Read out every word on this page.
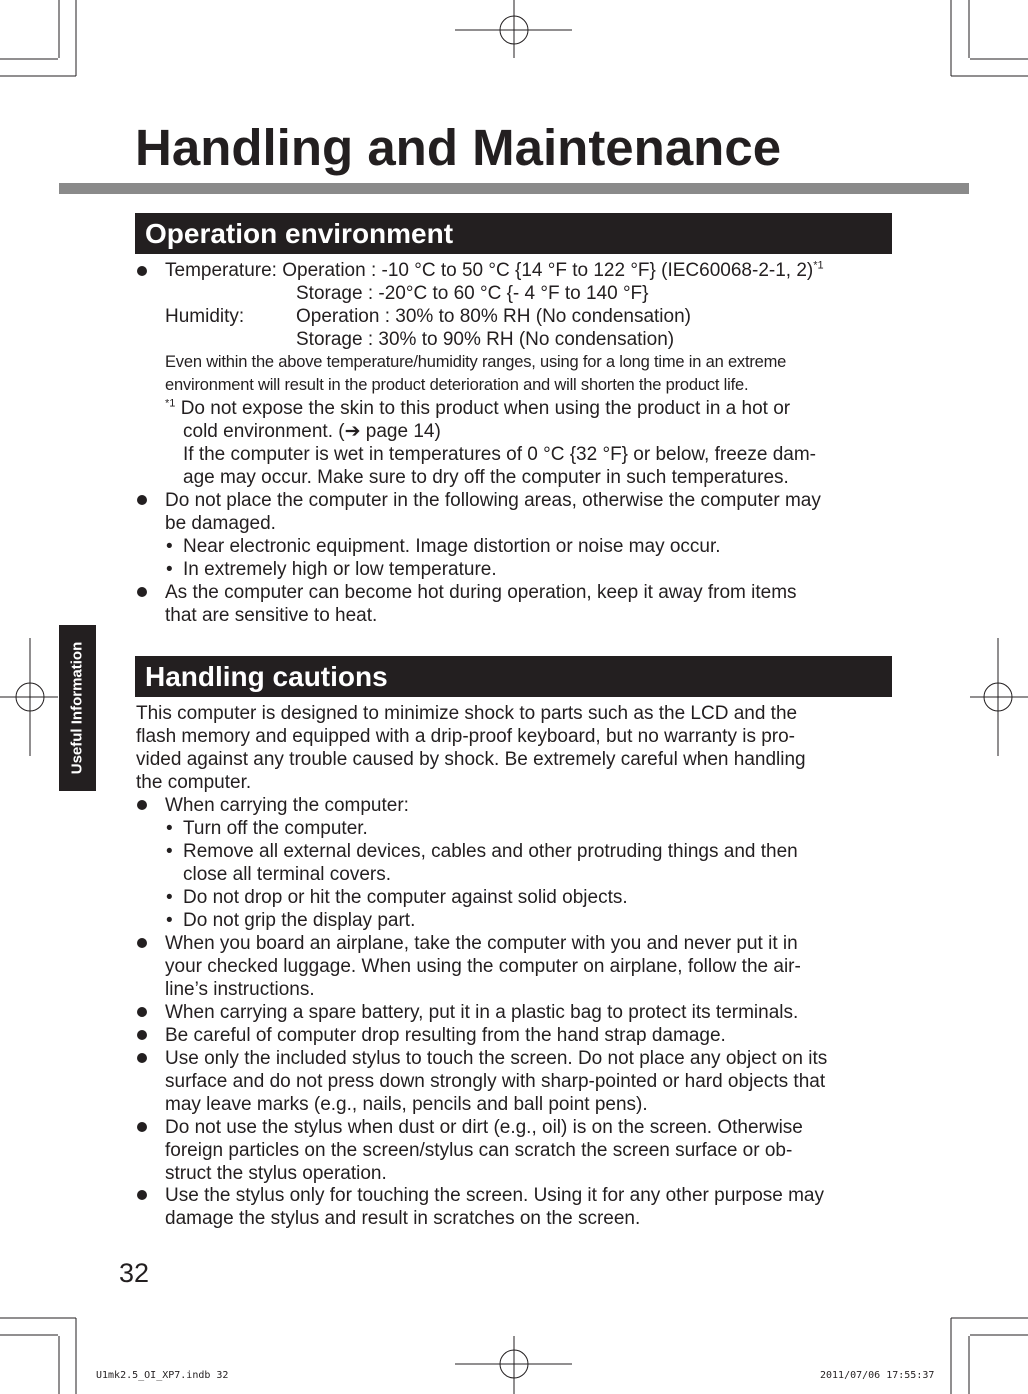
Handling and Maintenance
Useful Information
Operation environment

Temperature: Operation : -10 °C to 50 °C {14 °F to 122 °F} (IEC60068-2-1, 2)$^{*1}$

Storage : -20°C to 60 °C {- 4 °F to 140 °F}

Humidity:	Operation : 30% to 80% RH (No condensation)

Storage : 30% to 90% RH (No condensation)

Even within the above temperature/humidity ranges, using for a long time in an extreme

environment will result in the product deterioration and will shorten the product life.

$^{*1}$ Do not expose the skin to this product when using the product in a hot or

cold environment. (➔ page 14)

If the computer is wet in temperatures of 0 °C {32 °F} or below, freeze dam-

age may occur. Make sure to dry off the computer in such temperatures.

Do not place the computer in the following areas, otherwise the computer may

be damaged.

• Near electronic equipment. Image distortion or noise may occur.

• In extremely high or low temperature.

As the computer can become hot during operation, keep it away from items

that are sensitive to heat.

Handling cautions

This computer is designed to minimize shock to parts such as the LCD and the

flash memory and equipped with a drip-proof keyboard, but no warranty is pro-

vided against any trouble caused by shock. Be extremely careful when handling

the computer.

When carrying the computer:

• Turn off the computer.

• Remove all external devices, cables and other protruding things and then

close all terminal covers.

• Do not drop or hit the computer against solid objects.

• Do not grip the display part.

When you board an airplane, take the computer with you and never put it in

your checked luggage. When using the computer on airplane, follow the air-

line’s instructions.

When carrying a spare battery, put it in a plastic bag to protect its terminals.

Be careful of computer drop resulting from the hand strap damage.

Use only the included stylus to touch the screen. Do not place any object on its

surface and do not press down strongly with sharp-pointed or hard objects that

may leave marks (e.g., nails, pencils and ball point pens).

Do not use the stylus when dust or dirt (e.g., oil) is on the screen. Otherwise

foreign particles on the screen/stylus can scratch the screen surface or ob-

struct the stylus operation.

Use the stylus only for touching the screen. Using it for any other purpose may

damage the stylus and result in scratches on the screen.

32
U1mk2.5_OI_XP7.indb 32	2011/07/06 17:55:37
